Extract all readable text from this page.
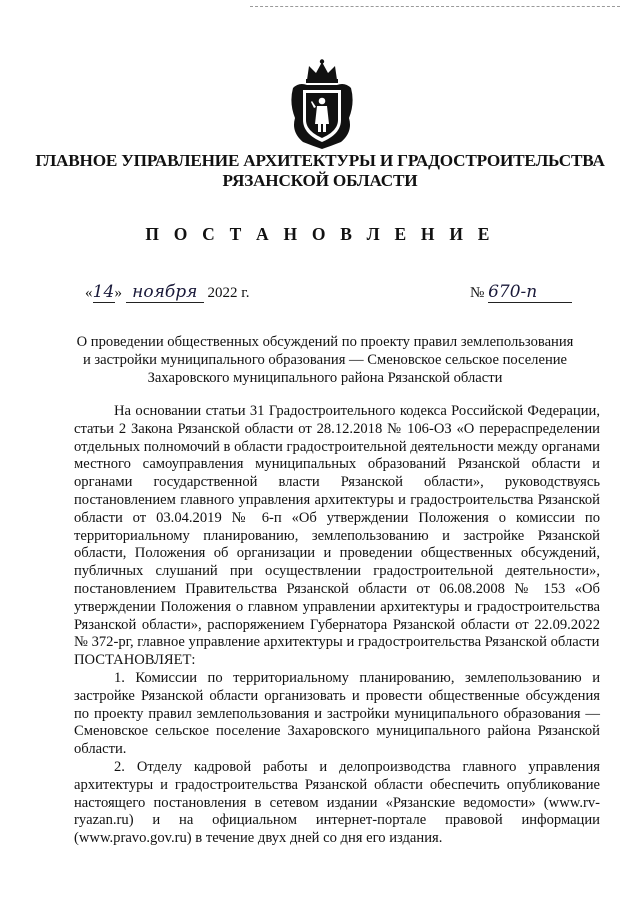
ГЛАВНОЕ УПРАВЛЕНИЕ АРХИТЕКТУРЫ И ГРАДОСТРОИТЕЛЬСТВА
РЯЗАНСКОЙ ОБЛАСТИ
П О С Т А Н О В Л Е Н И Е
«14» ноября 2022 г.	№ 670-п
О проведении общественных обсуждений по проекту правил землепользования
и застройки муниципального образования — Сменовское сельское поселение
Захаровского муниципального района Рязанской области

На основании статьи 31 Градостроительного кодекса Российской Федерации, статьи 2 Закона Рязанской области от 28.12.2018 № 106-ОЗ «О перераспределении отдельных полномочий в области градостроительной деятельности между органами местного самоуправления муниципальных образований Рязанской области и органами государственной власти Рязанской области», руководствуясь постановлением главного управления архитектуры и градостроительства Рязанской области от 03.04.2019 № 6-п «Об утверждении Положения о комиссии по территориальному планированию, землепользованию и застройке Рязанской области, Положения об организации и проведении общественных обсуждений, публичных слушаний при осуществлении градостроительной деятельности», постановлением Правительства Рязанской области от 06.08.2008 № 153 «Об утверждении Положения о главном управлении архитектуры и градостроительства Рязанской области», распоряжением Губернатора Рязанской области от 22.09.2022 № 372-рг, главное управление архитектуры и градостроительства Рязанской области

ПОСТАНОВЛЯЕТ:

1. Комиссии по территориальному планированию, землепользованию и застройке Рязанской области организовать и провести общественные обсуждения по проекту правил землепользования и застройки муниципального образования — Сменовское сельское поселение Захаровского муниципального района Рязанской области.

2. Отделу кадровой работы и делопроизводства главного управления архитектуры и градостроительства Рязанской области обеспечить опубликование настоящего постановления в сетевом издании «Рязанские ведомости» (www.rv-ryazan.ru) и на официальном интернет-портале правовой информации (www.pravo.gov.ru) в течение двух дней со дня его издания.
